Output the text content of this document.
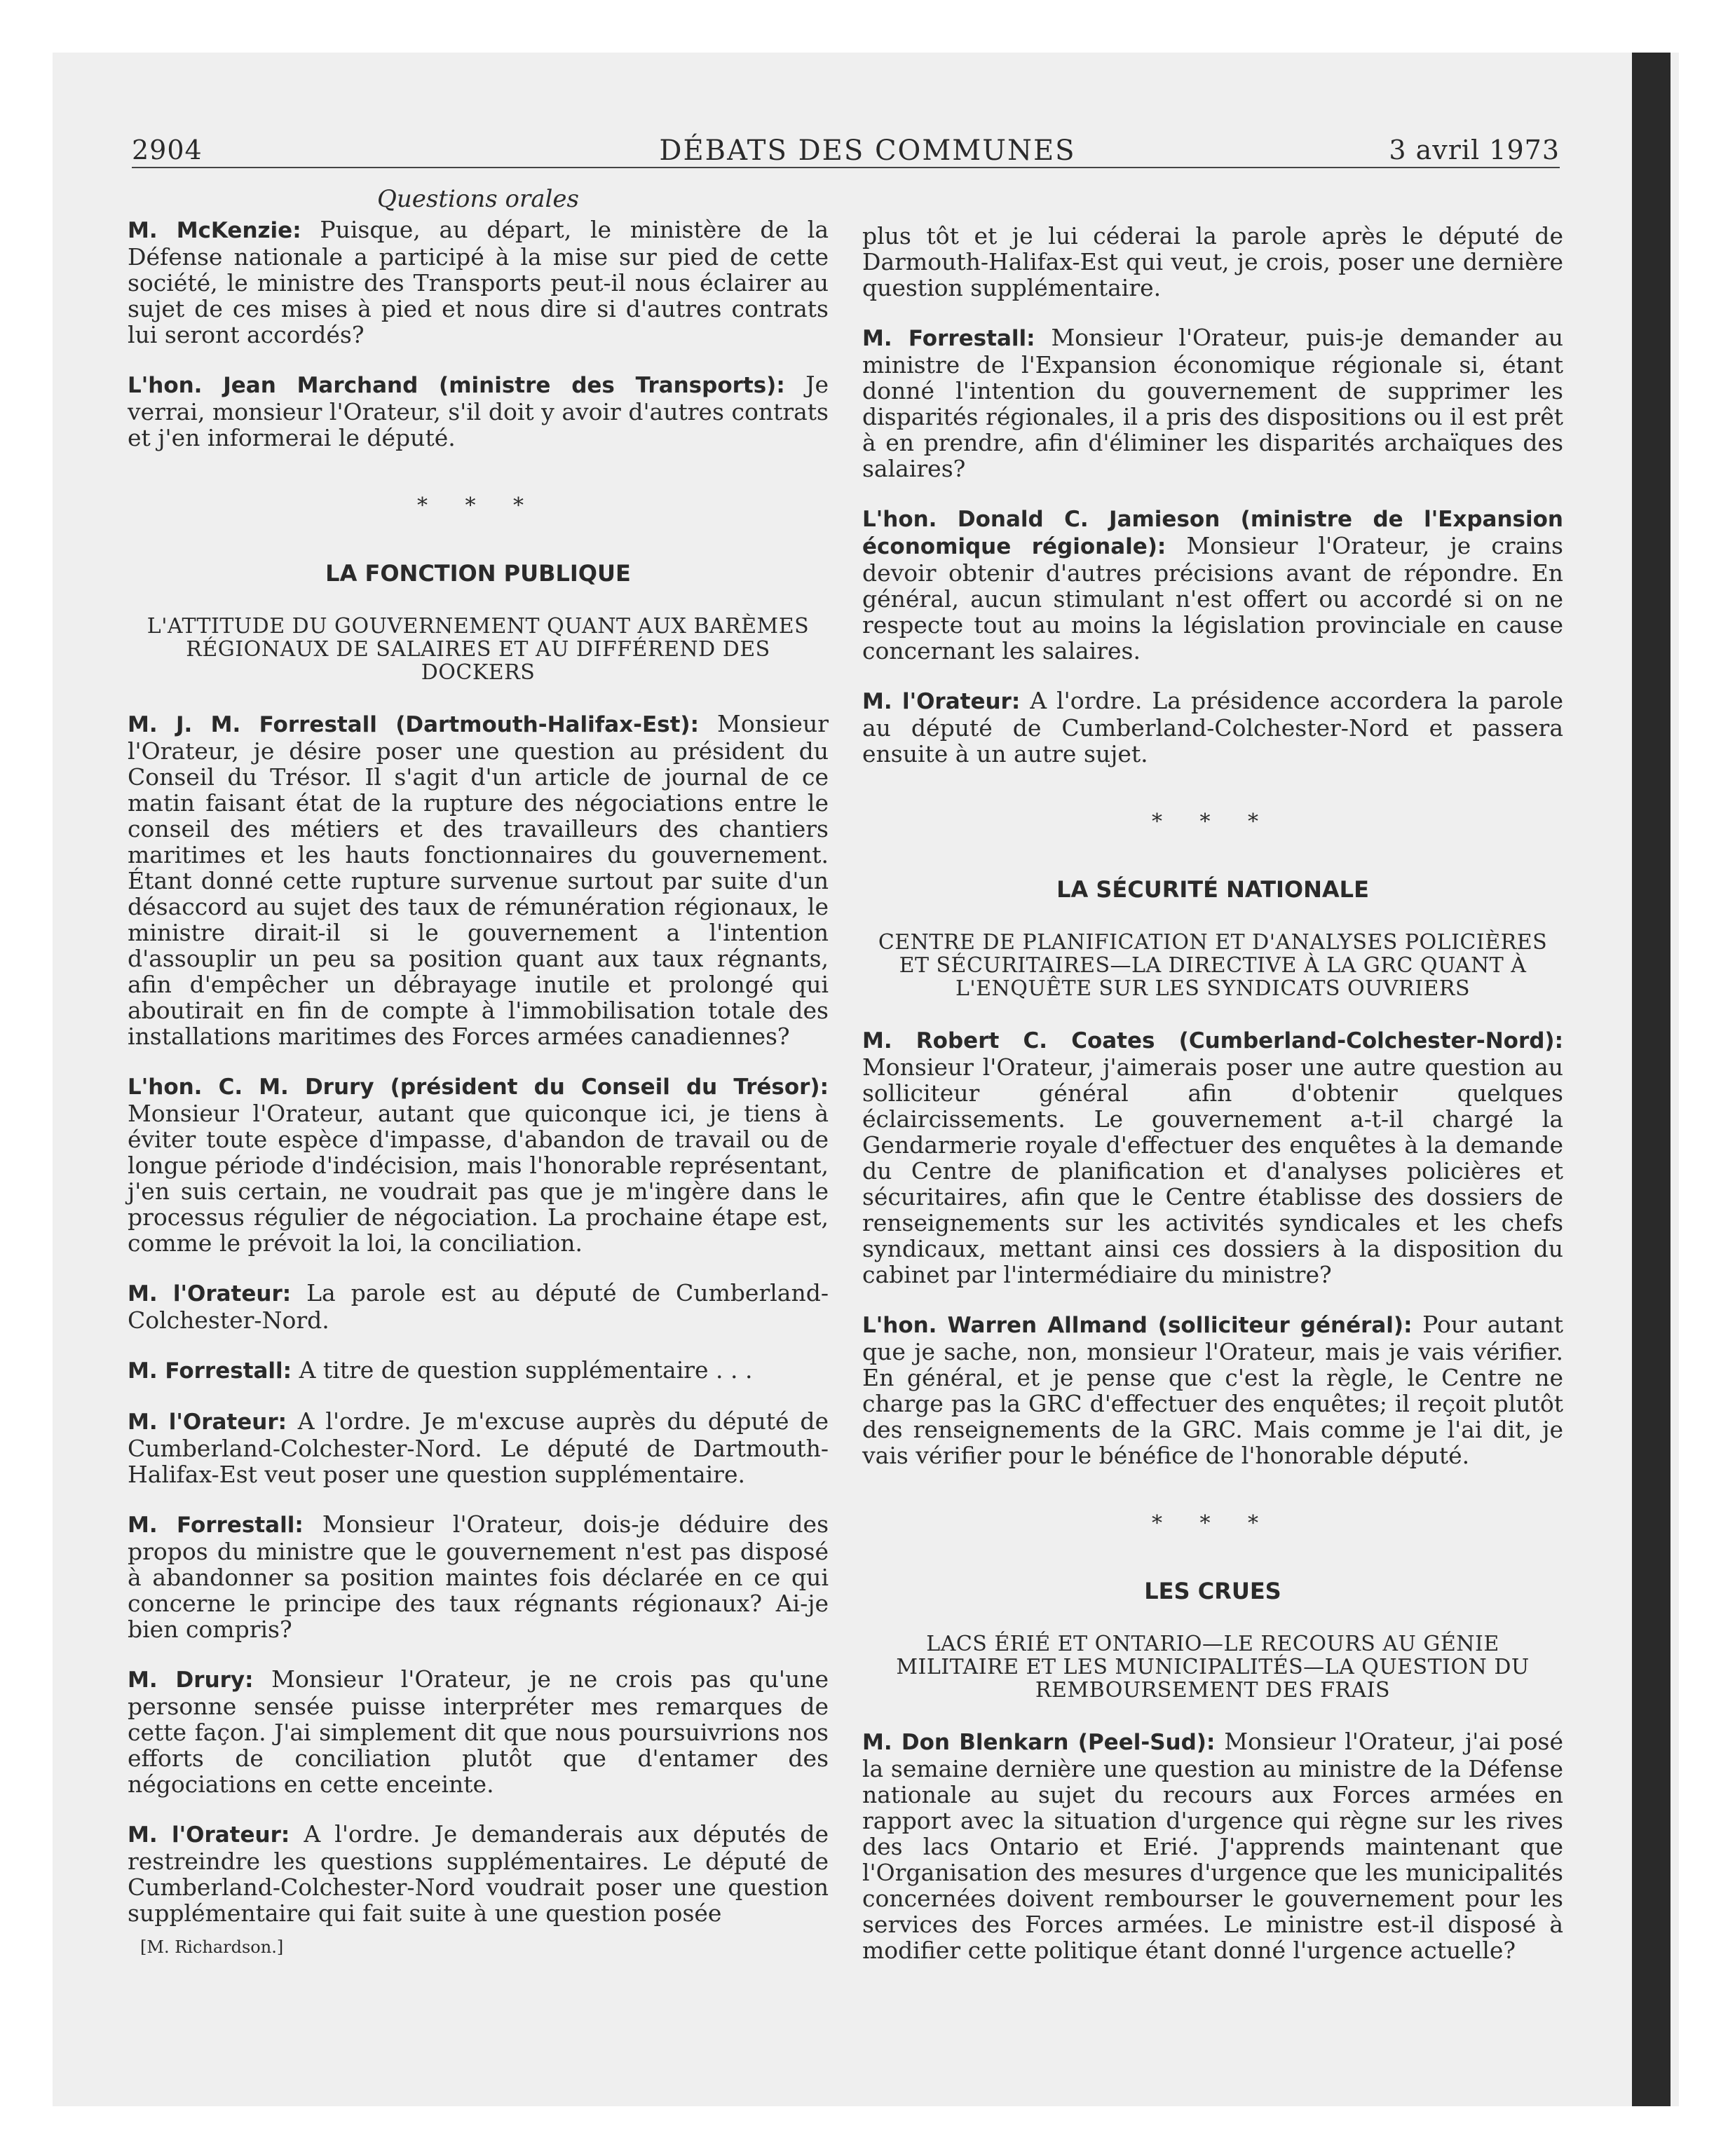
DÉBATS DES COMMUNES
2904	3 avril 1973
Questions orales

M. McKenzie: Puisque, au départ, le ministère de la Défense nationale a participé à la mise sur pied de cette société, le ministre des Transports peut-il nous éclairer au sujet de ces mises à pied et nous dire si d'autres contrats lui seront accordés?

L'hon. Jean Marchand (ministre des Transports): Je verrai, monsieur l'Orateur, s'il doit y avoir d'autres contrats et j'en informerai le député.

* * *
LA FONCTION PUBLIQUE
L'ATTITUDE DU GOUVERNEMENT QUANT AUX BARÈMES RÉGIONAUX DE SALAIRES ET AU DIFFÉREND DES DOCKERS

M. J. M. Forrestall (Dartmouth-Halifax-Est): Monsieur l'Orateur, je désire poser une question au président du Conseil du Trésor. Il s'agit d'un article de journal de ce matin faisant état de la rupture des négociations entre le conseil des métiers et des travailleurs des chantiers maritimes et les hauts fonctionnaires du gouvernement. Étant donné cette rupture survenue surtout par suite d'un désaccord au sujet des taux de rémunération régionaux, le ministre dirait-il si le gouvernement a l'intention d'assouplir un peu sa position quant aux taux régnants, afin d'empêcher un débrayage inutile et prolongé qui aboutirait en fin de compte à l'immobilisation totale des installations maritimes des Forces armées canadiennes?

L'hon. C. M. Drury (président du Conseil du Trésor): Monsieur l'Orateur, autant que quiconque ici, je tiens à éviter toute espèce d'impasse, d'abandon de travail ou de longue période d'indécision, mais l'honorable représentant, j'en suis certain, ne voudrait pas que je m'ingère dans le processus régulier de négociation. La prochaine étape est, comme le prévoit la loi, la conciliation.

M. l'Orateur: La parole est au député de Cumberland-Colchester-Nord.

M. Forrestall: A titre de question supplémentaire . . .

M. l'Orateur: A l'ordre. Je m'excuse auprès du député de Cumberland-Colchester-Nord. Le député de Dartmouth-Halifax-Est veut poser une question supplémentaire.

M. Forrestall: Monsieur l'Orateur, dois-je déduire des propos du ministre que le gouvernement n'est pas disposé à abandonner sa position maintes fois déclarée en ce qui concerne le principe des taux régnants régionaux? Ai-je bien compris?

M. Drury: Monsieur l'Orateur, je ne crois pas qu'une personne sensée puisse interpréter mes remarques de cette façon. J'ai simplement dit que nous poursuivrions nos efforts de conciliation plutôt que d'entamer des négociations en cette enceinte.

M. l'Orateur: A l'ordre. Je demanderais aux députés de restreindre les questions supplémentaires. Le député de Cumberland-Colchester-Nord voudrait poser une question supplémentaire qui fait suite à une question posée

[M. Richardson.]

plus tôt et je lui céderai la parole après le député de Darmouth-Halifax-Est qui veut, je crois, poser une dernière question supplémentaire.

M. Forrestall: Monsieur l'Orateur, puis-je demander au ministre de l'Expansion économique régionale si, étant donné l'intention du gouvernement de supprimer les disparités régionales, il a pris des dispositions ou il est prêt à en prendre, afin d'éliminer les disparités archaïques des salaires?

L'hon. Donald C. Jamieson (ministre de l'Expansion économique régionale): Monsieur l'Orateur, je crains devoir obtenir d'autres précisions avant de répondre. En général, aucun stimulant n'est offert ou accordé si on ne respecte tout au moins la législation provinciale en cause concernant les salaires.

M. l'Orateur: A l'ordre. La présidence accordera la parole au député de Cumberland-Colchester-Nord et passera ensuite à un autre sujet.

* * *
LA SÉCURITÉ NATIONALE
CENTRE DE PLANIFICATION ET D'ANALYSES POLICIÈRES ET SÉCURITAIRES—LA DIRECTIVE À LA GRC QUANT À L'ENQUÊTE SUR LES SYNDICATS OUVRIERS

M. Robert C. Coates (Cumberland-Colchester-Nord): Monsieur l'Orateur, j'aimerais poser une autre question au solliciteur général afin d'obtenir quelques éclaircissements. Le gouvernement a-t-il chargé la Gendarmerie royale d'effectuer des enquêtes à la demande du Centre de planification et d'analyses policières et sécuritaires, afin que le Centre établisse des dossiers de renseignements sur les activités syndicales et les chefs syndicaux, mettant ainsi ces dossiers à la disposition du cabinet par l'intermédiaire du ministre?

L'hon. Warren Allmand (solliciteur général): Pour autant que je sache, non, monsieur l'Orateur, mais je vais vérifier. En général, et je pense que c'est la règle, le Centre ne charge pas la GRC d'effectuer des enquêtes; il reçoit plutôt des renseignements de la GRC. Mais comme je l'ai dit, je vais vérifier pour le bénéfice de l'honorable député.

* * *
LES CRUES
LACS ÉRIÉ ET ONTARIO—LE RECOURS AU GÉNIE MILITAIRE ET LES MUNICIPALITÉS—LA QUESTION DU REMBOURSEMENT DES FRAIS

M. Don Blenkarn (Peel-Sud): Monsieur l'Orateur, j'ai posé la semaine dernière une question au ministre de la Défense nationale au sujet du recours aux Forces armées en rapport avec la situation d'urgence qui règne sur les rives des lacs Ontario et Erié. J'apprends maintenant que l'Organisation des mesures d'urgence que les municipalités concernées doivent rembourser le gouvernement pour les services des Forces armées. Le ministre est-il disposé à modifier cette politique étant donné l'urgence actuelle?
